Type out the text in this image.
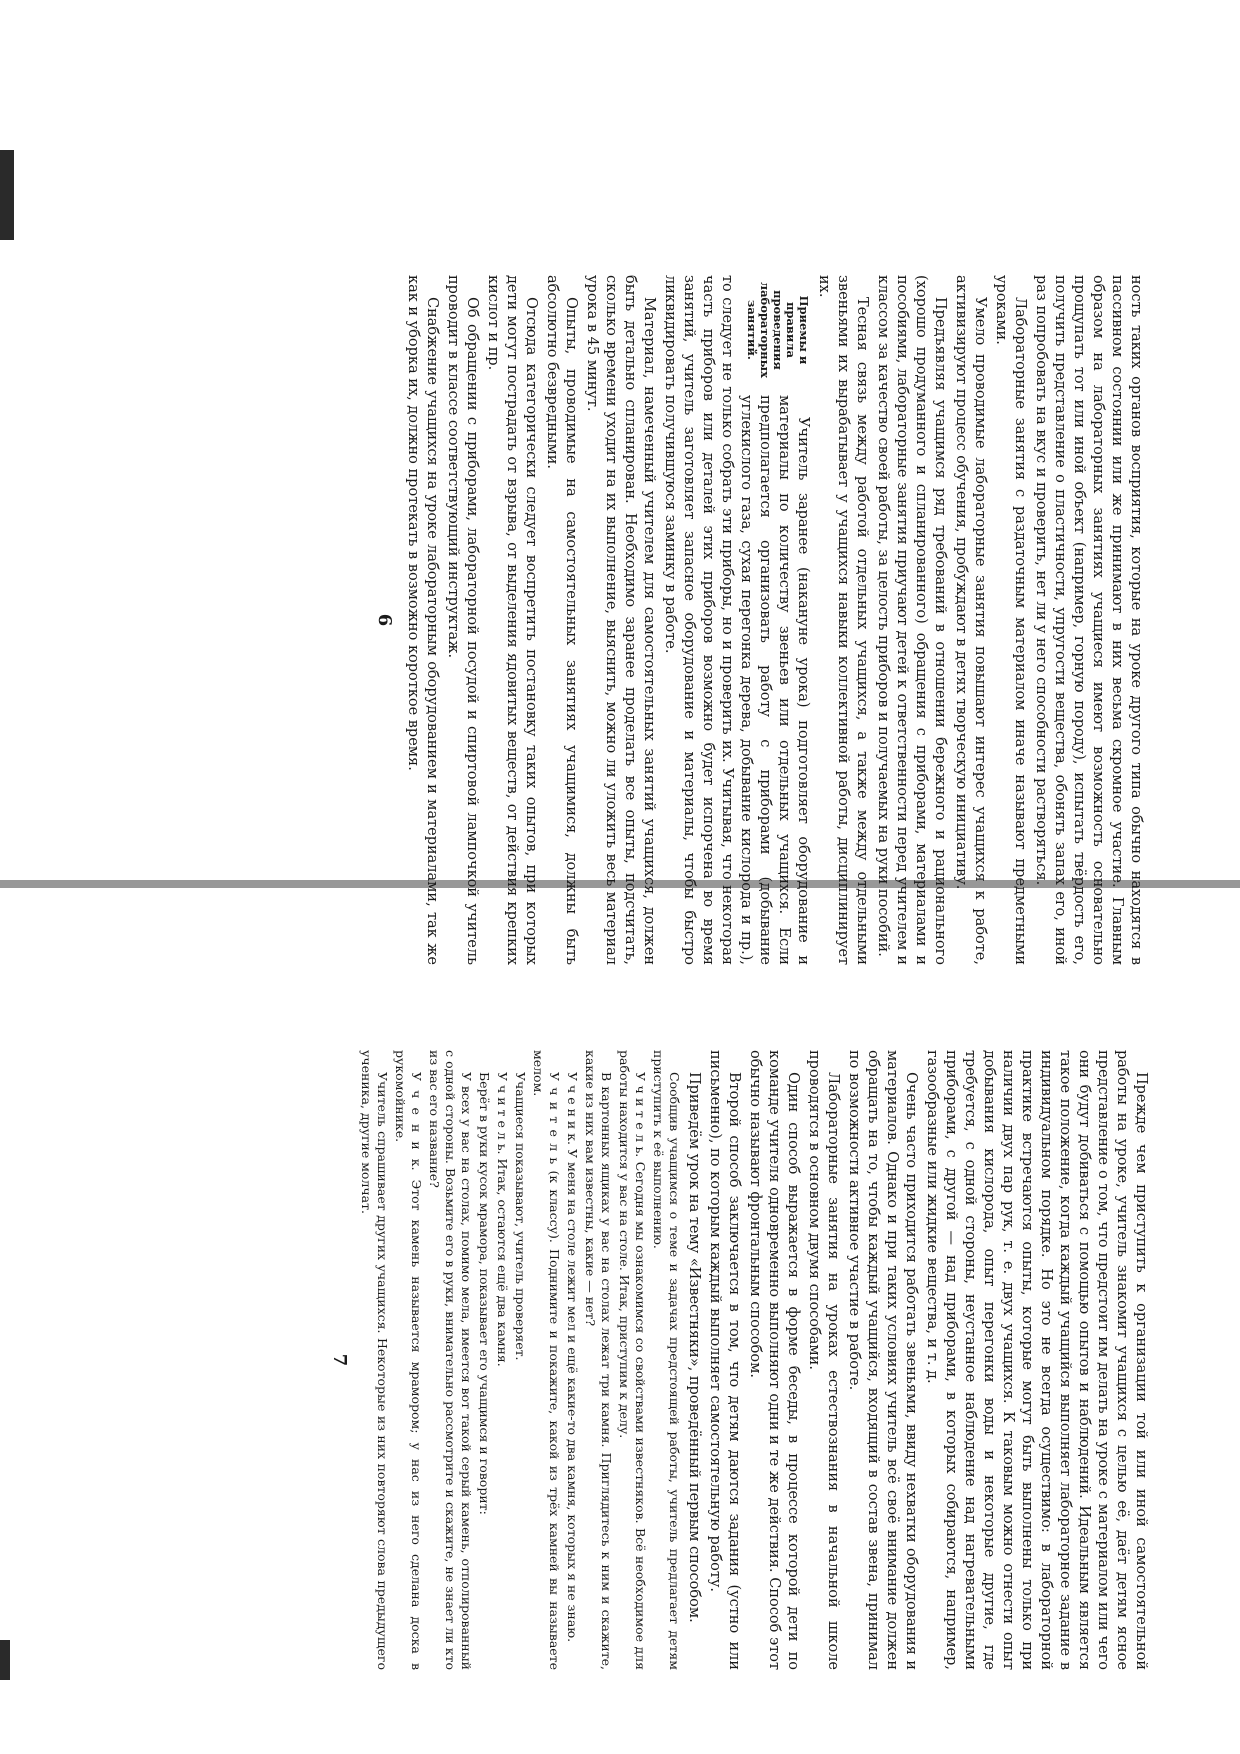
ность таких органов восприятия, которые на уроке другого типа обычно находятся в пассивном состоянии или же принимают в них весьма скромное участие. Главным образом на лабораторных занятиях учащиеся имеют возможность основательно прощупать тот или иной объект (например, горную породу), испытать твёрдость его, получить представление о пластичности, упругости вещества, обонять запах его, иной раз попробовать на вкус и проверить, нет ли у него способности растворяться.

Лабораторные занятия с раздаточным материалом иначе называют предметными уроками.

Умело проводимые лабораторные занятия повышают интерес учащихся к работе, активизируют процесс обучения, пробуждают в детях творческую инициативу.

Предъявляя учащимся ряд требований в отношении бережного и рационального (хорошо продуманного и спланированного) обращения с приборами, материалами и пособиями, лабораторные занятия приучают детей к ответственности перед учителем и классом за качество своей работы, за целость приборов и получаемых на руки пособий.

Тесная связь между работой отдельных учащихся, а также между отдельными звеньями их вырабатывает у учащихся навыки коллективной работы, дисциплинирует их.

Приемы и правила проведения лабораторных занятий.

Учитель заранее (накануне урока) подготовляет оборудование и материалы по количеству звеньев или отдельных учащихся. Если предполагается организовать работу с приборами (добывание углекислого газа, сухая перегонка дерева, добывание кислорода и пр.), то следует не только собрать эти приборы, но и проверить их. Учитывая, что некоторая часть приборов или деталей этих приборов возможно будет испорчена во время занятий, учитель заготовляет запасное оборудование и материалы, чтобы быстро ликвидировать получившуюся заминку в работе.

Материал, намеченный учителем для самостоятельных занятий учащихся, должен быть детально спланирован. Необходимо заранее проделать все опыты, подсчитать, сколько времени уходит на их выполнение, выяснить, можно ли уложить весь материал урока в 45 минут.

Опыты, проводимые на самостоятельных занятиях учащимися, должны быть абсолютно безвредными.

Отсюда категорически следует воспретить постановку таких опытов, при которых дети могут пострадать от взрыва, от выделения ядовитых веществ, от действия крепких кислот и пр.

Об обращении с приборами, лабораторной посудой и спиртовой лампочкой учитель проводит в классе соответствующий инструктаж.

Снабжение учащихся на уроке лабораторным оборудованием и материалами, так же как и уборка их, должно протекать в возможно короткое время.

6

Прежде чем приступить к организации той или иной самостоятельной работы на уроке, учитель знакомит учащихся с целью её, даёт детям ясное представление о том, что предстоит им делать на уроке с материалом или чего они будут добиваться с помощью опытов и наблюдений. Идеальным является такое положение, когда каждый учащийся выполняет лабораторное задание в индивидуальном порядке. Но это не всегда осуществимо: в лабораторной практике встречаются опыты, которые могут быть выполнены только при наличии двух пар рук, т. е. двух учащихся. К таковым можно отнести опыт добывания кислорода, опыт перегонки воды и некоторые другие, где требуется, с одной стороны, неустанное наблюдение над нагревательными приборами, с другой — над приборами, в которых собираются, например, газообразные или жидкие вещества, и т. д.

Очень часто приходится работать звеньями, ввиду нехватки оборудования и материалов. Однако и при таких условиях учитель всё своё внимание должен обращать на то, чтобы каждый учащийся, входящий в состав звена, принимал по возможности активное участие в работе.

Лабораторные занятия на уроках естествознания в начальной школе проводятся в основном двумя способами.

Один способ выражается в форме беседы, в процессе которой дети по команде учителя одновременно выполняют одни и те же действия. Способ этот обычно называют фронтальным способом.

Второй способ заключается в том, что детям даются задания (устно или письменно), по которым каждый выполняет самостоятельную работу.

Приведём урок на тему «Известняки», проведённый первым способом.

Сообщив учащимся о теме и задачах предстоящей работы, учитель предлагает детям приступить к её выполнению.

У ч и т е л ь. Сегодня мы ознакомимся со свойствами известняков. Всё необходимое для работы находится у вас на столе. Итак, приступим к делу.

В картонных ящиках у вас на столах лежат три камня. Приглядитесь к ним и скажите, какие из них вам известны, какие — нет?

У ч е н и к. У меня на столе лежит мел и ещё какие-то два камня, которых я не знаю.

У ч и т е л ь (к классу). Поднимите и покажите, какой из трёх камней вы называете мелом.

Учащиеся показывают, учитель проверяет.

У ч и т е л ь. Итак, остаются ещё два камня.

Берёт в руки кусок мрамора, показывает его учащимся и говорит:

У всех у вас на столах, помимо мела, имеется вот такой серый камень, отполированный с одной стороны. Возьмите его в руки, внимательно рассмотрите и скажите, не знает ли кто из вас его название?

У ч е н и к. Этот камень называется мрамором; у нас из него сделана доска в рукомойнике.

Учитель спрашивает других учащихся. Некоторые из них повторяют слова предыдущего ученика, другие молчат.

7
